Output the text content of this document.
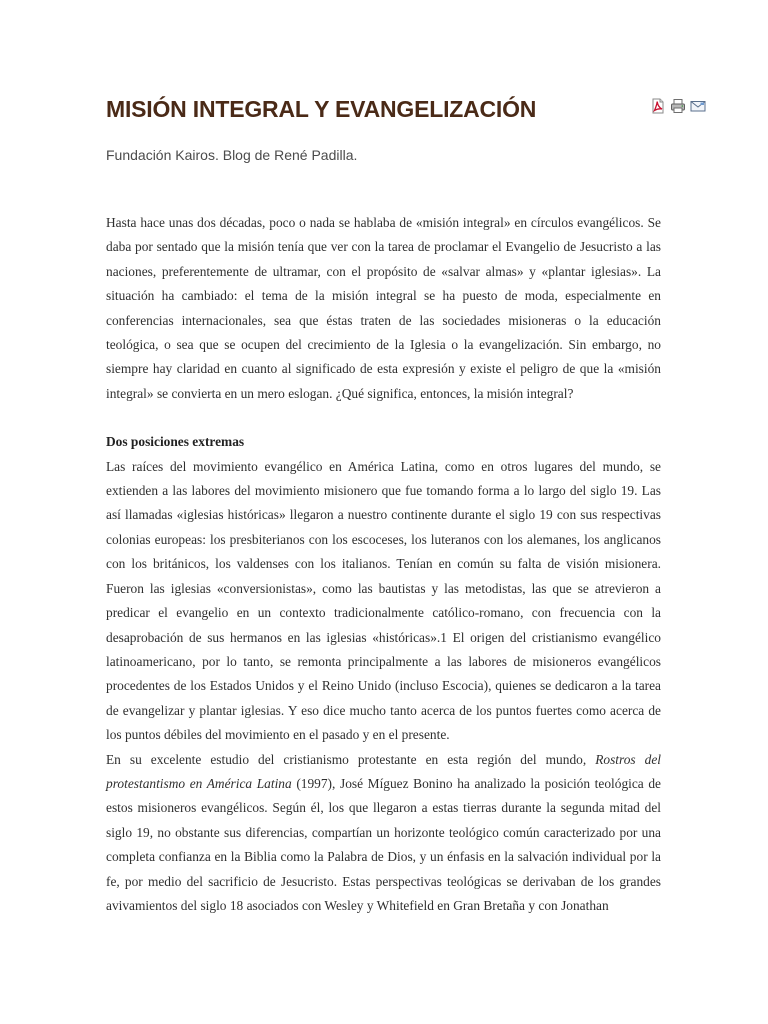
MISIÓN INTEGRAL Y EVANGELIZACIÓN

Fundación Kairos. Blog de René Padilla.

Hasta hace unas dos décadas, poco o nada se hablaba de «misión integral» en círculos evangélicos. Se daba por sentado que la misión tenía que ver con la tarea de proclamar el Evangelio de Jesucristo a las naciones, preferentemente de ultramar, con el propósito de «salvar almas» y «plantar iglesias». La situación ha cambiado: el tema de la misión integral se ha puesto de moda, especialmente en conferencias internacionales, sea que éstas traten de las sociedades misioneras o la educación teológica, o sea que se ocupen del crecimiento de la Iglesia o la evangelización. Sin embargo, no siempre hay claridad en cuanto al significado de esta expresión y existe el peligro de que la «misión integral» se convierta en un mero eslogan. ¿Qué significa, entonces, la misión integral?

Dos posiciones extremas

Las raíces del movimiento evangélico en América Latina, como en otros lugares del mundo, se extienden a las labores del movimiento misionero que fue tomando forma a lo largo del siglo 19. Las así llamadas «iglesias históricas» llegaron a nuestro continente durante el siglo 19 con sus respectivas colonias europeas: los presbiterianos con los escoceses, los luteranos con los alemanes, los anglicanos con los británicos, los valdenses con los italianos. Tenían en común su falta de visión misionera. Fueron las iglesias «conversionistas», como las bautistas y las metodistas, las que se atrevieron a predicar el evangelio en un contexto tradicionalmente católico-romano, con frecuencia con la desaprobación de sus hermanos en las iglesias «históricas».1 El origen del cristianismo evangélico latinoamericano, por lo tanto, se remonta principalmente a las labores de misioneros evangélicos procedentes de los Estados Unidos y el Reino Unido (incluso Escocia), quienes se dedicaron a la tarea de evangelizar y plantar iglesias. Y eso dice mucho tanto acerca de los puntos fuertes como acerca de los puntos débiles del movimiento en el pasado y en el presente.

En su excelente estudio del cristianismo protestante en esta región del mundo, Rostros del protestantismo en América Latina (1997), José Míguez Bonino ha analizado la posición teológica de estos misioneros evangélicos. Según él, los que llegaron a estas tierras durante la segunda mitad del siglo 19, no obstante sus diferencias, compartían un horizonte teológico común caracterizado por una completa confianza en la Biblia como la Palabra de Dios, y un énfasis en la salvación individual por la fe, por medio del sacrificio de Jesucristo. Estas perspectivas teológicas se derivaban de los grandes avivamientos del siglo 18 asociados con Wesley y Whitefield en Gran Bretaña y con Jonathan
